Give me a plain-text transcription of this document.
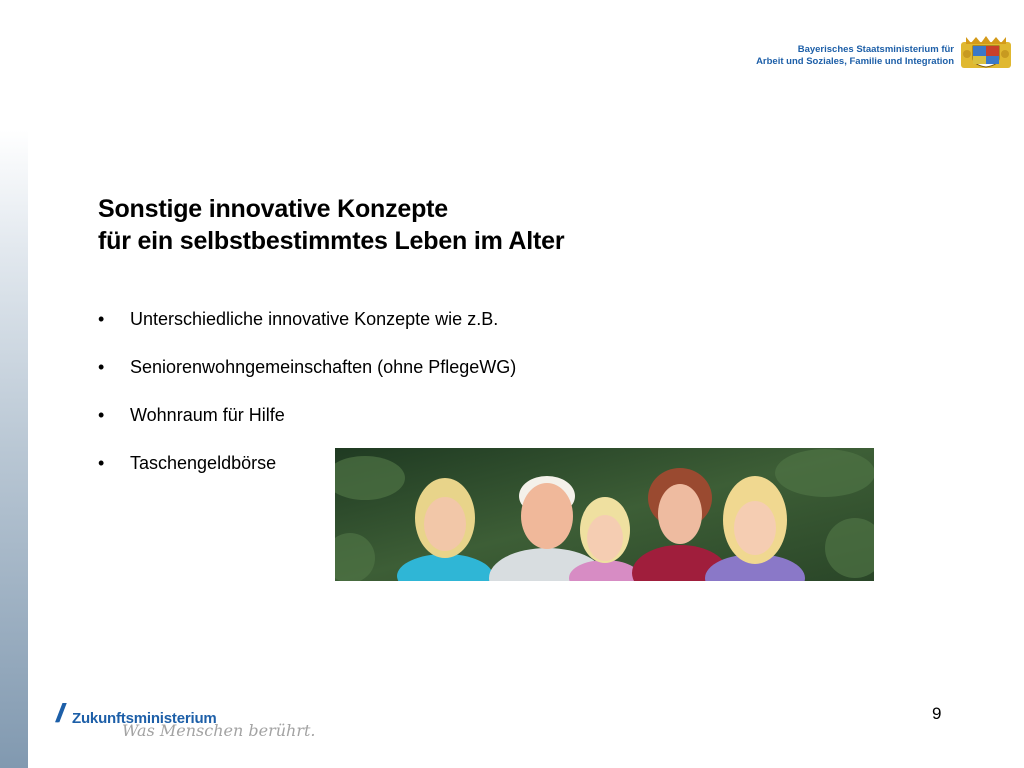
Bayerisches Staatsministerium für
Arbeit und Soziales, Familie und Integration
Sonstige innovative Konzepte
für ein selbstbestimmtes Leben im Alter
• Unterschiedliche innovative Konzepte wie z.B.
• Seniorenwohngemeinschaften (ohne PflegeWG)
• Wohnraum für Hilfe
• Taschengeldbörse
// Zukunftsministerium
Was Menschen berührt.
9
